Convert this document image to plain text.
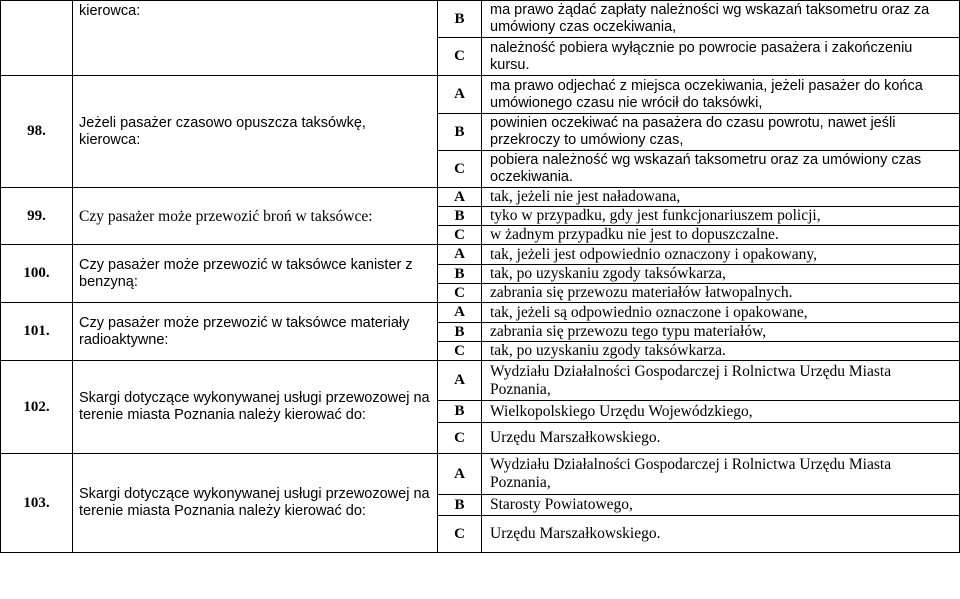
	kierowca:	B	ma prawo żądać zapłaty należności wg wskazań taksometru oraz za umówiony czas oczekiwania,
		C	należność pobiera wyłącznie po powrocie pasażera i zakończeniu kursu.
98.	Jeżeli pasażer czasowo opuszcza taksówkę, kierowca:	A	ma prawo odjechać z miejsca oczekiwania, jeżeli pasażer do końca umówionego czasu nie wrócił do taksówki,
		B	powinien oczekiwać na pasażera do czasu powrotu, nawet jeśli przekroczy to umówiony czas,
		C	pobiera należność wg wskazań taksometru oraz za umówiony czas oczekiwania.
99.	Czy pasażer może przewozić broń w taksówce:	A	tak, jeżeli nie jest naładowana,
		B	tyko w przypadku, gdy jest funkcjonariuszem policji,
		C	w żadnym przypadku nie jest to dopuszczalne.
100.	Czy pasażer może przewozić w taksówce kanister z benzyną:	A	tak, jeżeli jest odpowiednio oznaczony i opakowany,
		B	tak, po uzyskaniu zgody taksówkarza,
		C	zabrania się przewozu materiałów łatwopalnych.
101.	Czy pasażer może przewozić w taksówce materiały radioaktywne:	A	tak, jeżeli są odpowiednio oznaczone i opakowane,
		B	zabrania się przewozu tego typu materiałów,
		C	tak, po uzyskaniu zgody taksówkarza.
102.	Skargi dotyczące wykonywanej usługi przewozowej na terenie miasta Poznania należy kierować do:	A	Wydziału Działalności Gospodarczej i Rolnictwa Urzędu Miasta Poznania,
		B	Wielkopolskiego Urzędu Wojewódzkiego,
		C	Urzędu Marszałkowskiego.
103.	Skargi dotyczące wykonywanej usługi przewozowej na terenie miasta Poznania należy kierować do:	A	Wydziału Działalności Gospodarczej i Rolnictwa Urzędu Miasta Poznania,
		B	Starosty Powiatowego,
		C	Urzędu Marszałkowskiego.
